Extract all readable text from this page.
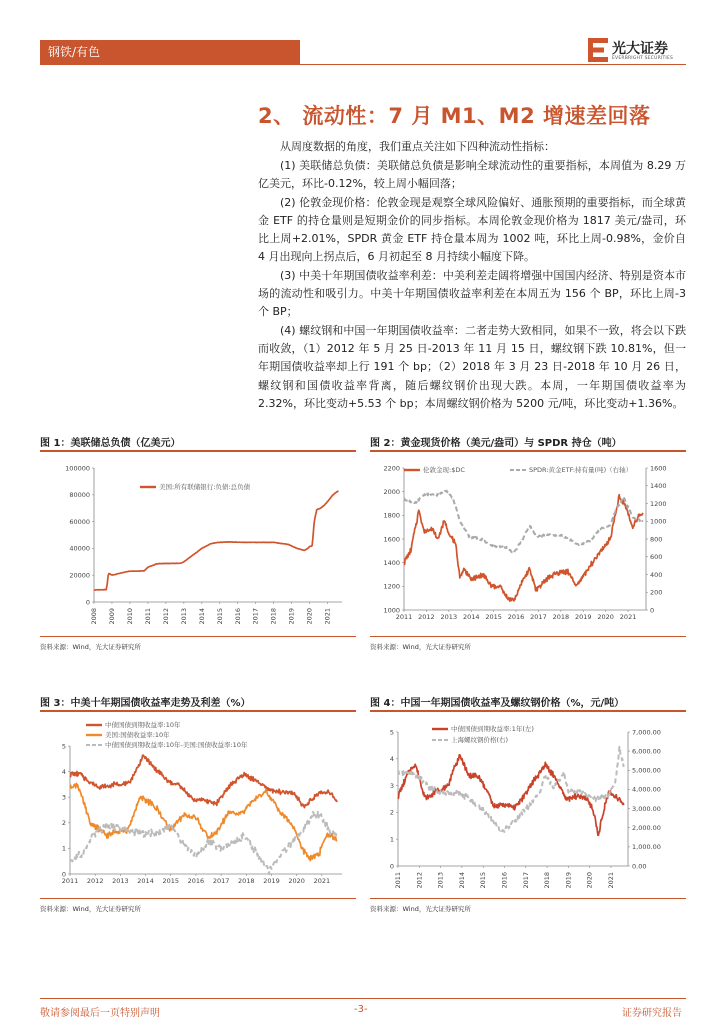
钢铁/有色	光大证券
EVERBRIGHT SECURITIES
2、 流动性：7 月 M1、M2 增速差回落

从周度数据的角度，我们重点关注如下四种流动性指标：

(1) 美联储总负债：美联储总负债是影响全球流动性的重要指标，本周值为 8.29 万亿美元，环比-0.12%，较上周小幅回落；

(2) 伦敦金现价格：伦敦金现是观察全球风险偏好、通胀预期的重要指标，而全球黄金 ETF 的持仓量则是短期金价的同步指标。本周伦敦金现价格为 1817 美元/盎司，环比上周+2.01%，SPDR 黄金 ETF 持仓量本周为 1002 吨，环比上周-0.98%，金价自 4 月出现向上拐点后，6 月初起至 8 月持续小幅度下降。

(3) 中美十年期国债收益率利差：中美利差走阔将增强中国国内经济、特别是资本市场的流动性和吸引力。中美十年期国债收益率利差在本周五为 156 个 BP，环比上周-3 个 BP；

(4) 螺纹钢和中国一年期国债收益率：二者走势大致相同，如果不一致，将会以下跌而收敛，（1）2012 年 5 月 25 日-2013 年 11 月 15 日，螺纹钢下跌 10.81%，但一年期国债收益率却上行 191 个 bp；（2）2018 年 3 月 23 日-2018 年 10 月 26 日，螺纹钢和国债收益率背离，随后螺纹钢价出现大跌。本周，一年期国债收益率为 2.32%，环比变动+5.53 个 bp；本周螺纹钢价格为 5200 元/吨，环比变动+1.36%。

图 1：美联储总负债（亿美元）
0
20000
40000
60000
80000
100000
2008 2009 2010 2011 2012 2013 2014 2015 2016 2017 2018 2019 2020 2021
美国:所有联储银行:负债:总负债
资料来源：Wind，光大证券研究所
图 2：黄金现货价格（美元/盎司）与 SPDR 持仓（吨）
1000
1200
1400
1600
1800
2000
2200
0
200
400
600
800
1000
1200
1400
1600
2011 2012 2013 2014 2015 2016 2017 2018 2019 2020 2021
伦敦金现:$DC	SPDR:黄金ETF:持有量(吨)（右轴）
资料来源：Wind，光大证券研究所
图 3：中美十年期国债收益率走势及利差（%）
0
1
2
3
4
5
2011 2012 2013 2014 2015 2016 2017 2018 2019 2020 2021
中债国债到期收益率:10年
美国:国债收益率:10年
中债国债到期收益率:10年-美国:国债收益率:10年
资料来源：Wind，光大证券研究所
图 4：中国一年期国债收益率及螺纹钢价格（%，元/吨）
0
1
2
3
4
5
0.00
1,000.00
2,000.00
3,000.00
4,000.00
5,000.00
6,000.00
7,000.00
2011 2012 2013 2014 2015 2016 2017 2018 2019 2020 2021
中债国债到期收益率:1年(左)
上海螺纹钢价格(右)
资料来源：Wind，光大证券研究所
敬请参阅最后一页特别声明	-3-	证券研究报告
